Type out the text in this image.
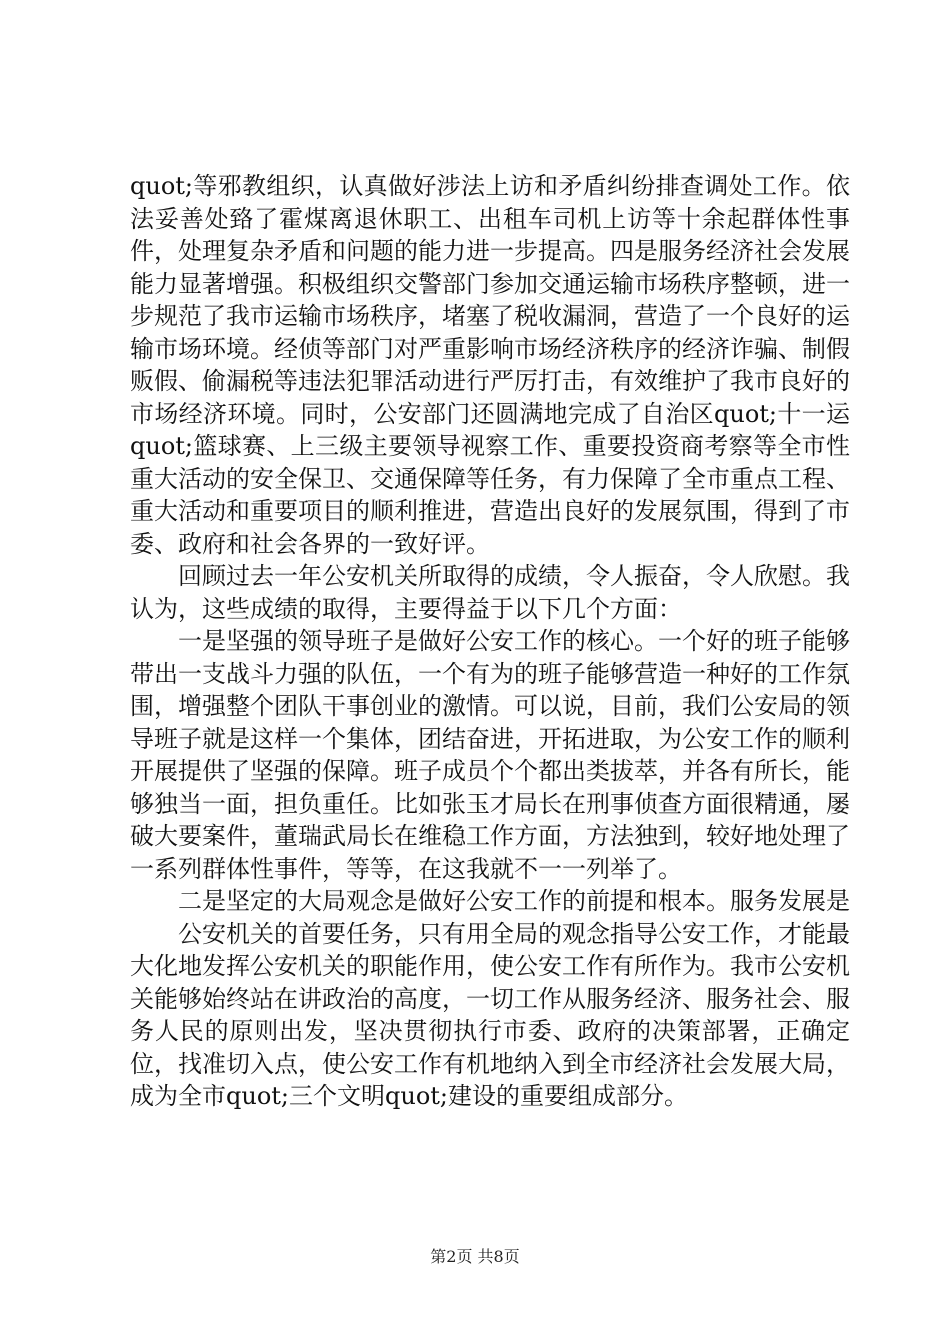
quot;等邪教组织，认真做好涉法上访和矛盾纠纷排查调处工作。依法妥善处臵了霍煤离退休职工、出租车司机上访等十余起群体性事件，处理复杂矛盾和问题的能力进一步提高。四是服务经济社会发展能力显著增强。积极组织交警部门参加交通运输市场秩序整顿，进一步规范了我市运输市场秩序，堵塞了税收漏洞，营造了一个良好的运输市场环境。经侦等部门对严重影响市场经济秩序的经济诈骗、制假贩假、偷漏税等违法犯罪活动进行严厉打击，有效维护了我市良好的市场经济环境。同时，公安部门还圆满地完成了自治区quot;十一运quot;篮球赛、上三级主要领导视察工作、重要投资商考察等全市性重大活动的安全保卫、交通保障等任务，有力保障了全市重点工程、重大活动和重要项目的顺利推进，营造出良好的发展氛围，得到了市委、政府和社会各界的一致好评。

回顾过去一年公安机关所取得的成绩，令人振奋，令人欣慰。我认为，这些成绩的取得，主要得益于以下几个方面：

一是坚强的领导班子是做好公安工作的核心。一个好的班子能够带出一支战斗力强的队伍，一个有为的班子能够营造一种好的工作氛围，增强整个团队干事创业的激情。可以说，目前，我们公安局的领导班子就是这样一个集体，团结奋进，开拓进取，为公安工作的顺利开展提供了坚强的保障。班子成员个个都出类拔萃，并各有所长，能够独当一面，担负重任。比如张玉才局长在刑事侦查方面很精通，屡破大要案件，董瑞武局长在维稳工作方面，方法独到，较好地处理了一系列群体性事件，等等，在这我就不一一列举了。

二是坚定的大局观念是做好公安工作的前提和根本。服务发展是

公安机关的首要任务，只有用全局的观念指导公安工作，才能最大化地发挥公安机关的职能作用，使公安工作有所作为。我市公安机关能够始终站在讲政治的高度，一切工作从服务经济、服务社会、服务人民的原则出发，坚决贯彻执行市委、政府的决策部署，正确定位，找准切入点，使公安工作有机地纳入到全市经济社会发展大局，成为全市quot;三个文明quot;建设的重要组成部分。

第2页 共8页
